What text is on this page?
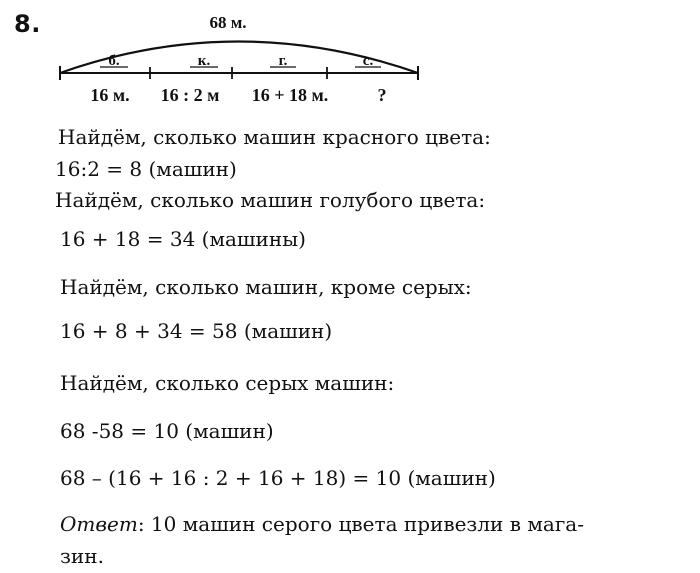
8.	68 м.
б.	к.	г.	с.
16 м. 16 : 2 м 16 + 18 м.	?

Найдём, сколько машин красного цвета:

16:2 = 8 (машин)

Найдём, сколько машин голубого цвета:

16 + 18 = 34 (машины)

Найдём, сколько машин, кроме серых:

16 + 8 + 34 = 58 (машин)

Найдём, сколько серых машин:

68 -58 = 10 (машин)

68 – (16 + 16 : 2 + 16 + 18) = 10 (машин)

Ответ: 10 машин серого цвета привезли в мага-

зин.
